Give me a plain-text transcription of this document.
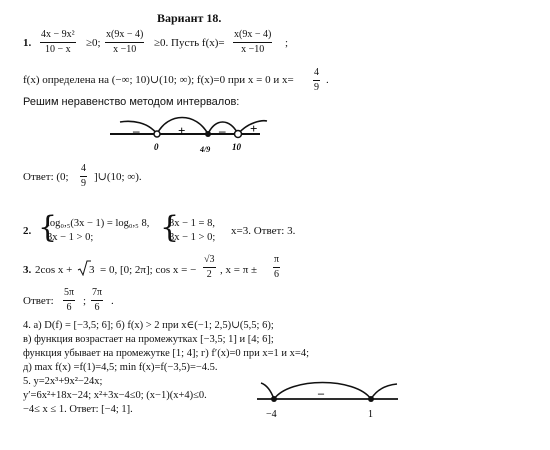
Вариант 18.
1. $\frac{\text{4x − 9x²}}{10 - x} \ge 0$; $\frac{x(9x - 4)}{x -10} \ge 0$. Пусть $f(x)= \frac{x(9x - 4)}{x -10}$ ;
f(x) определена на (−∞; 10)∪(10; ∞); f(x)=0 при x = 0 и $x= \frac{4}{9}$ .
Решим неравенство методом интервалов:
–	+	– +
0	4/9 10
Ответ: (0; $\frac{4}{9}$ ]∪(10; ∞).
2. {
log₀,₅(3x − 1) = log₀,₅ 8,
3x − 1 > 0; {
3x − 1 = 8,
3x − 1 > 0;
x=3. Ответ: 3.
3. 2cos x + 3 = 0, [0; 2π]; cos x = − $\frac{√3}{2}$ , $x = \pi \pm \frac{\pi}{6}$
Ответ: $\frac{5\pi}{6}$ ; $\frac{7\pi}{6}$ .
4. а) D(f) = [−3,5; 6]; б) f(x) > 2 при x∈(−1; 2,5)∪(5,5; 6);
в) функция возрастает на промежутках [−3,5; 1] и [4; 6];
функция убывает на промежутке [1; 4]; г) f′(x)=0 при x=1 и x=4;
д) max f(x) =f(1)=4,5; min f(x)=f(−3,5)=−4.5.
5. y=2x³+9x²−24x;
y′=6x²+18x−24; x²+3x−4≤0; (x−1)(x+4)≤0.
−4≤ x ≤ 1. Ответ: [−4; 1].
–
−4	1
